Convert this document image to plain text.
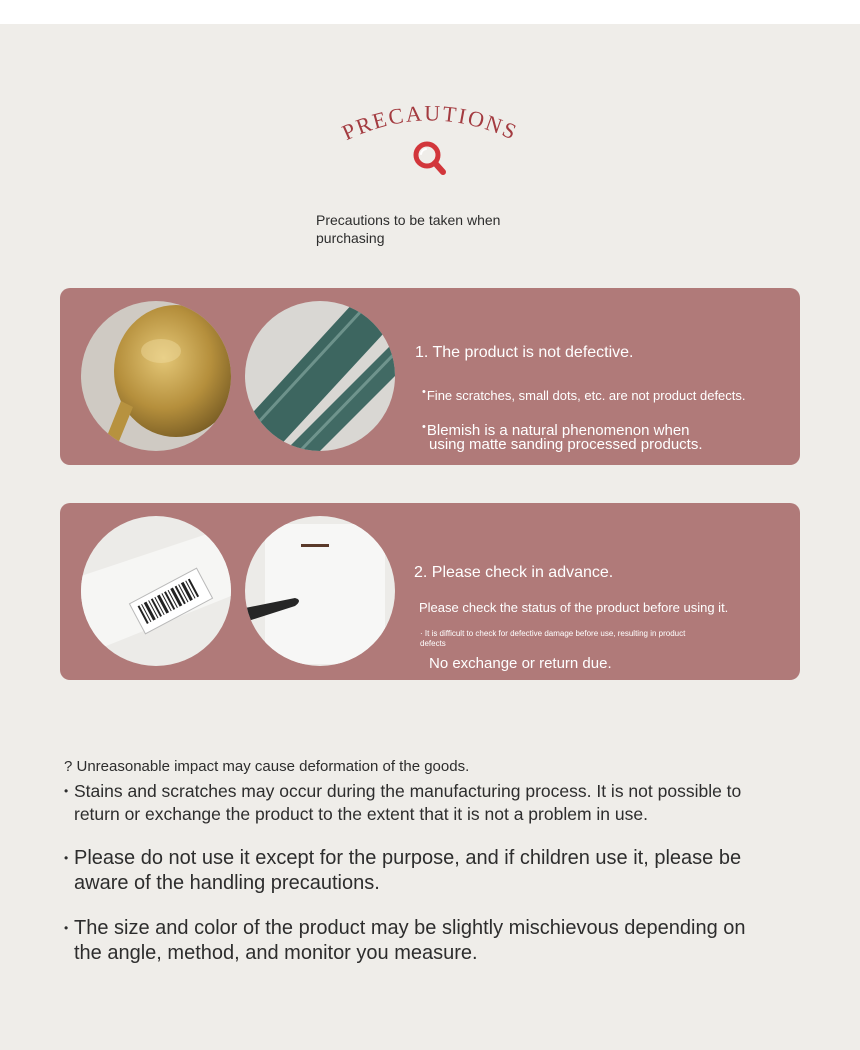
PRECAUTIONS
Precautions to be taken when purchasing
1. The product is not defective.
•Fine scratches, small dots, etc. are not product defects.
•Blemish is a natural phenomenon when
using matte sanding processed products.
2. Please check in advance.
Please check the status of the product before using it.
· It is difficult to check for defective damage before use, resulting in product
defects
No exchange or return due.
? Unreasonable impact may cause deformation of the goods.
• Stains and scratches may occur during the manufacturing process. It is not possible to return or exchange the product to the extent that it is not a problem in use.
• Please do not use it except for the purpose, and if children use it, please be aware of the handling precautions.
• The size and color of the product may be slightly mischievous depending on the angle, method, and monitor you measure.
